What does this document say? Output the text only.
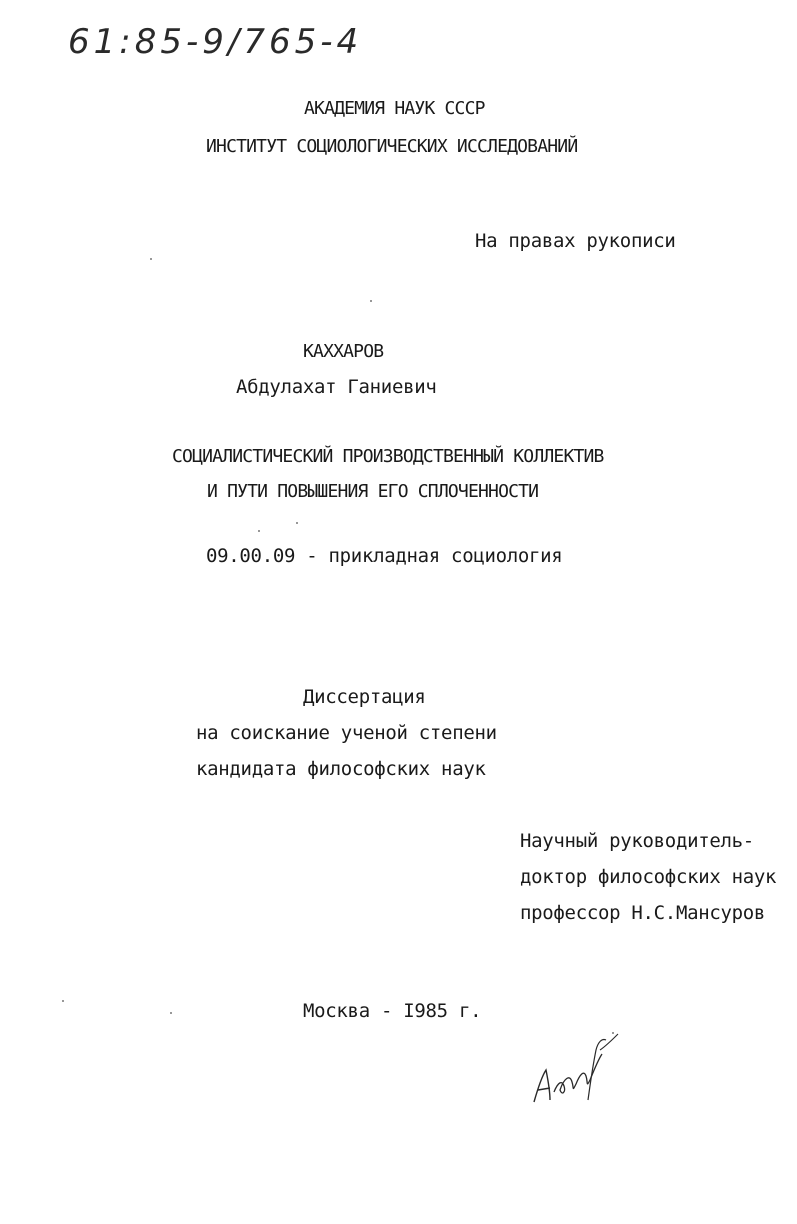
61:85-9/765-4
АКАДЕМИЯ НАУК СССР
ИНСТИТУТ СОЦИОЛОГИЧЕСКИХ ИССЛЕДОВАНИЙ
На правах рукописи
КАХХАРОВ
Абдулахат Ганиевич
СОЦИАЛИСТИЧЕСКИЙ ПРОИЗВОДСТВЕННЫЙ КОЛЛЕКТИВ
И ПУТИ ПОВЫШЕНИЯ ЕГО СПЛОЧЕННОСТИ
09.00.09 - прикладная социология
Диссертация
на соискание ученой степени
кандидата философских наук
Научный руководитель-
доктор философских наук
профессор Н.С.Мансуров
Москва - I985 г.
